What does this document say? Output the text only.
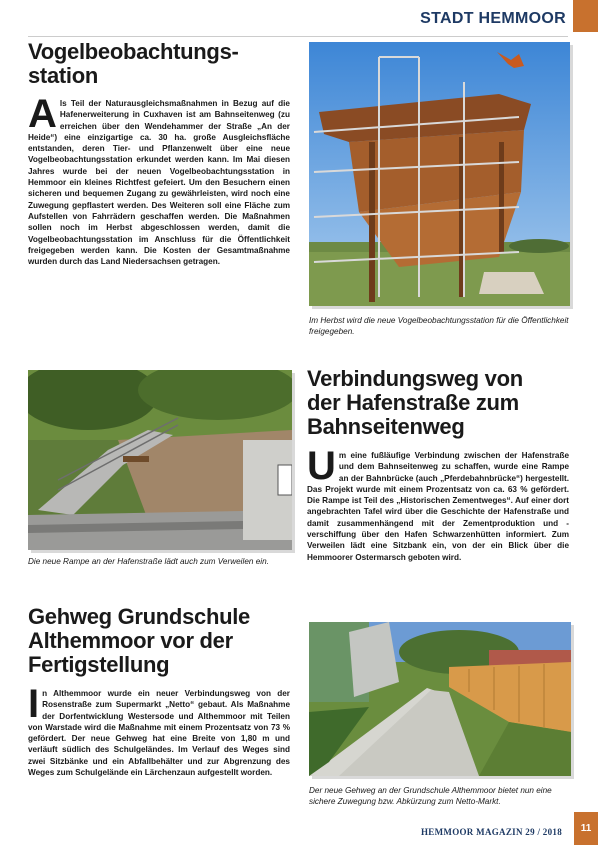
STADT HEMMOOR
Vogelbeobachtungs-
station
Als Teil der Naturausgleichsmaßnahmen in Bezug auf die Hafenerweiterung in Cuxhaven ist am Bahnseitenweg (zu erreichen über den Wendehammer der Straße „An der Heide“) eine einzigartige ca. 30 ha. große Ausgleichsfläche entstanden, deren Tier- und Pflanzenwelt über eine neue Vogelbeobachtungsstation erkundet werden kann. Im Mai diesen Jahres wurde bei der neuen Vogelbeobachtungsstation in Hemmoor ein kleines Richtfest gefeiert. Um den Besuchern einen sicheren und bequemen Zugang zu gewährleisten, wird noch eine Zuwegung gepflastert werden. Des Weiteren soll eine Fläche zum Aufstellen von Fahrrädern geschaffen werden. Die Maßnahmen sollen noch im Herbst abgeschlossen werden, damit die Vogelbeobachtungsstation im Anschluss für die Öffentlichkeit freigegeben werden kann. Die Kosten der Gesamtmaßnahme wurden durch das Land Niedersachsen getragen.
Im Herbst wird die neue Vogelbeobachtungsstation für die Öffentlichkeit freigegeben.
Die neue Rampe an der Hafenstraße lädt auch zum Verweilen ein.
Verbindungsweg von
der Hafenstraße zum
Bahnseitenweg
Um eine fußläufige Verbindung zwischen der Hafenstraße und dem Bahnseitenweg zu schaffen, wurde eine Rampe an der Bahnbrücke (auch „Pferdebahnbrücke“) hergestellt. Das Projekt wurde mit einem Prozentsatz von ca. 63 % gefördert. Die Rampe ist Teil des „Historischen Zementweges“. Auf einer dort angebrachten Tafel wird über die Geschichte der Hafenstraße und damit zusammenhängend mit der Zementproduktion und -verschiffung über den Hafen Schwarzenhütten informiert. Zum Verweilen lädt eine Sitzbank ein, von der ein Blick über die Hemmoorer Ostermarsch geboten wird.
Gehweg Grundschule
Althemmoor vor der
Fertigstellung
In Althemmoor wurde ein neuer Verbindungsweg von der Rosenstraße zum Supermarkt „Netto“ gebaut. Als Maßnahme der Dorfentwicklung Westersode und Althemmoor mit Teilen von Warstade wird die Maßnahme mit einem Prozentsatz von 73 % gefördert. Der neue Gehweg hat eine Breite von 1,80 m und verläuft südlich des Schulgeländes. Im Verlauf des Weges sind zwei Sitzbänke und ein Abfallbehälter und zur Abgrenzung des Weges zum Schulgelände ein Lärchenzaun aufgestellt worden.
Der neue Gehweg an der Grundschule Althemmoor bietet nun eine sichere Zuwegung bzw. Abkürzung zum Netto-Markt.
HEMMOOR MAGAZIN 29 / 2018	11
